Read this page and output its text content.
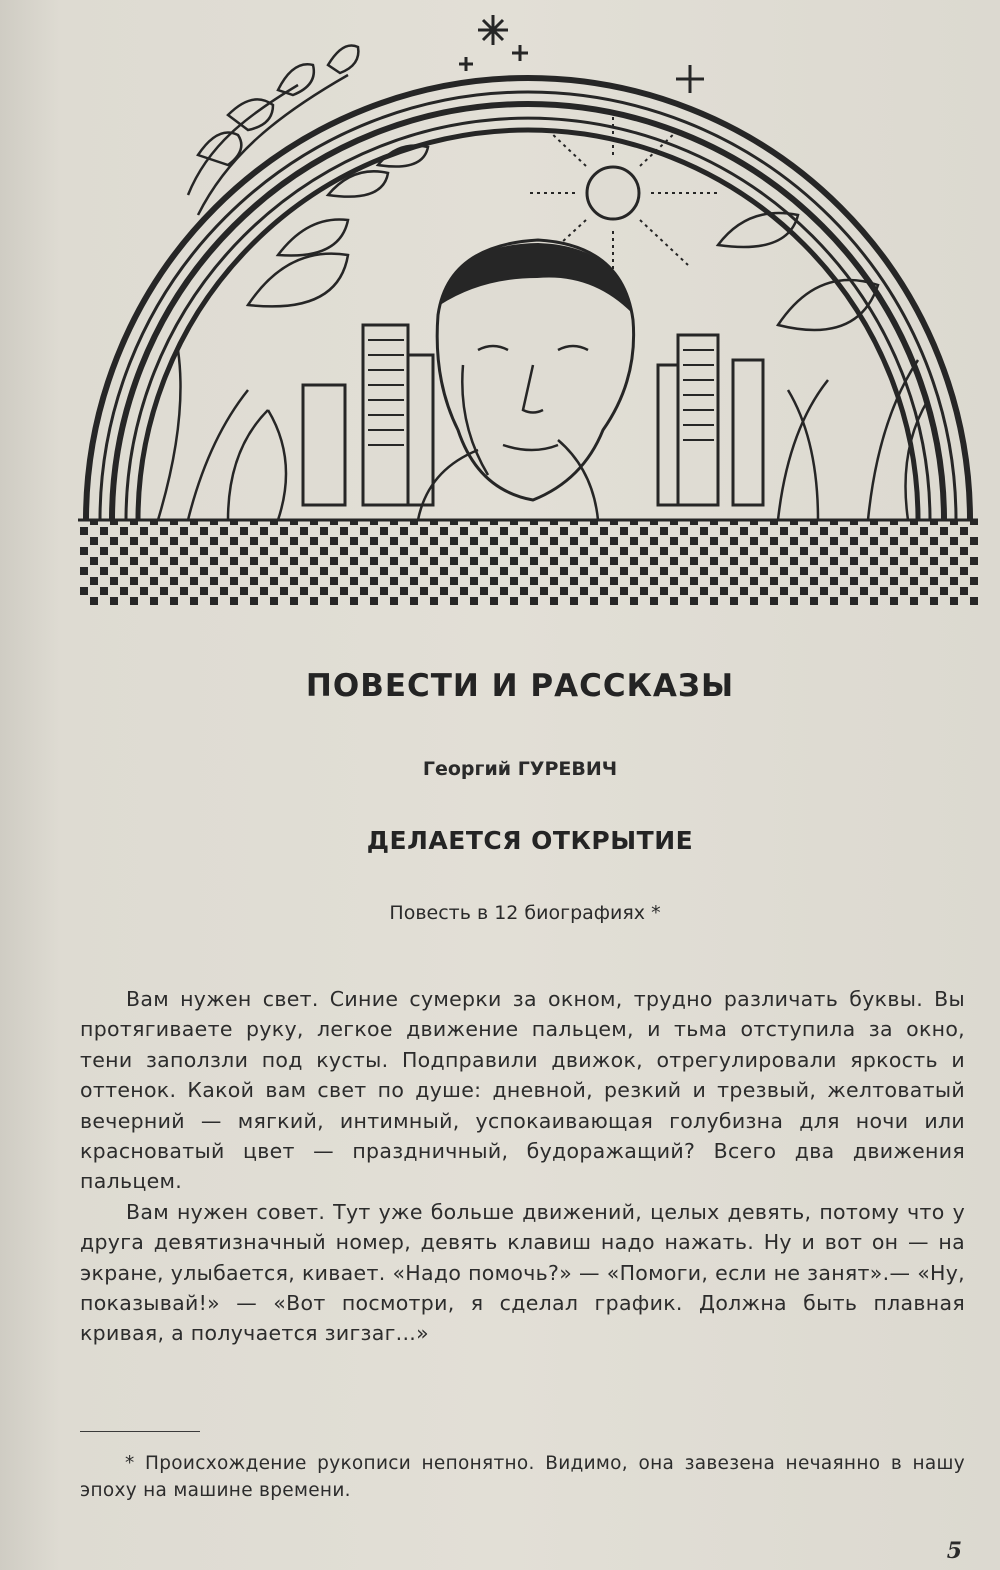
ПОВЕСТИ И РАССКАЗЫ
Георгий ГУРЕВИЧ
ДЕЛАЕТСЯ ОТКРЫТИЕ
Повесть в 12 биографиях *

Вам нужен свет. Синие сумерки за окном, трудно различать буквы. Вы протягиваете руку, легкое движение пальцем, и тьма отступила за окно, тени заползли под кусты. Подправили движок, отрегулировали яркость и оттенок. Какой вам свет по душе: дневной, резкий и трезвый, желтоватый вечерний — мягкий, интимный, успокаивающая голубизна для ночи или красноватый цвет — праздничный, будоражащий? Всего два движения пальцем.

Вам нужен совет. Тут уже больше движений, целых девять, потому что у друга девятизначный номер, девять клавиш надо нажать. Ну и вот он — на экране, улыбается, кивает. «Надо помочь?» — «Помоги, если не занят».— «Ну, показывай!» — «Вот посмотри, я сделал график. Должна быть плавная кривая, а получается зигзаг...»

* Происхождение рукописи непонятно. Видимо, она завезена нечаянно в нашу эпоху на машине времени.
5
